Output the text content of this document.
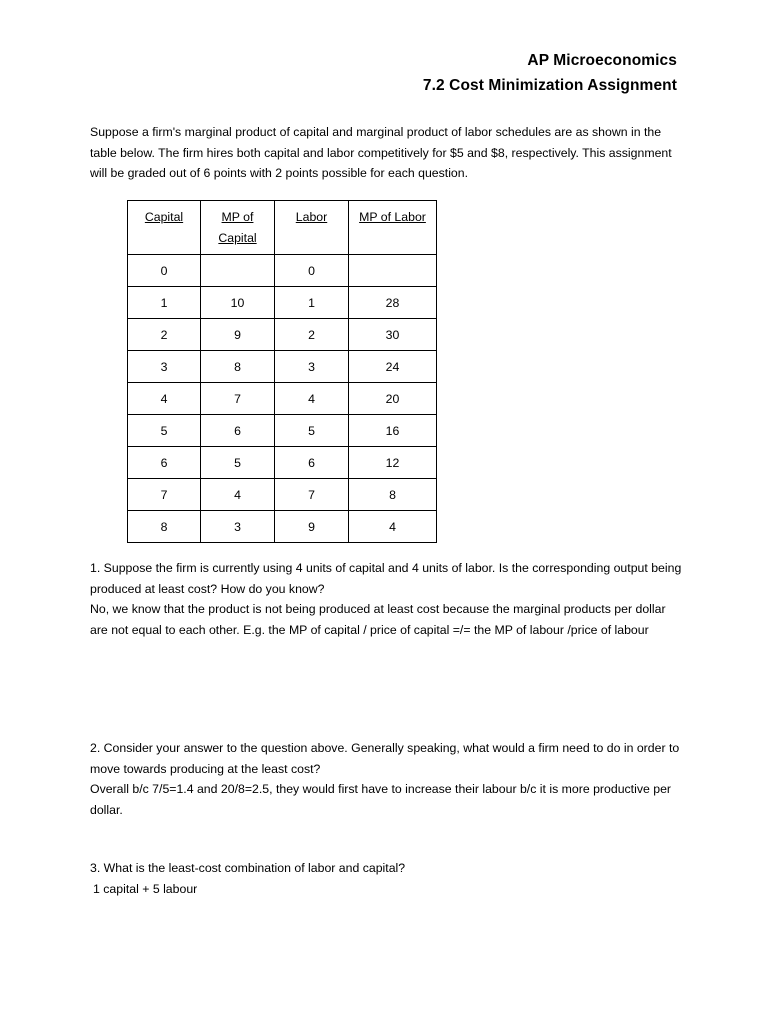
AP Microeconomics
7.2 Cost Minimization Assignment
Suppose a firm's marginal product of capital and marginal product of labor schedules are as shown in the table below. The firm hires both capital and labor competitively for $5 and $8, respectively. This assignment will be graded out of 6 points with 2 points possible for each question.
Capital	MP of Capital	Labor	MP of Labor
0		0	
1	10	1	28
2	9	2	30
3	8	3	24
4	7	4	20
5	6	5	16
6	5	6	12
7	4	7	8
8	3	9	4

1. Suppose the firm is currently using 4 units of capital and 4 units of labor. Is the corresponding output being produced at least cost? How do you know?

No, we know that the product is not being produced at least cost because the marginal products per dollar are not equal to each other. E.g. the MP of capital / price of capital =/= the MP of labour /price of labour

2. Consider your answer to the question above. Generally speaking, what would a firm need to do in order to move towards producing at the least cost?

Overall b/c 7/5=1.4 and 20/8=2.5, they would first have to increase their labour b/c it is more productive per dollar.

3. What is the least-cost combination of labor and capital?

1 capital + 5 labour
